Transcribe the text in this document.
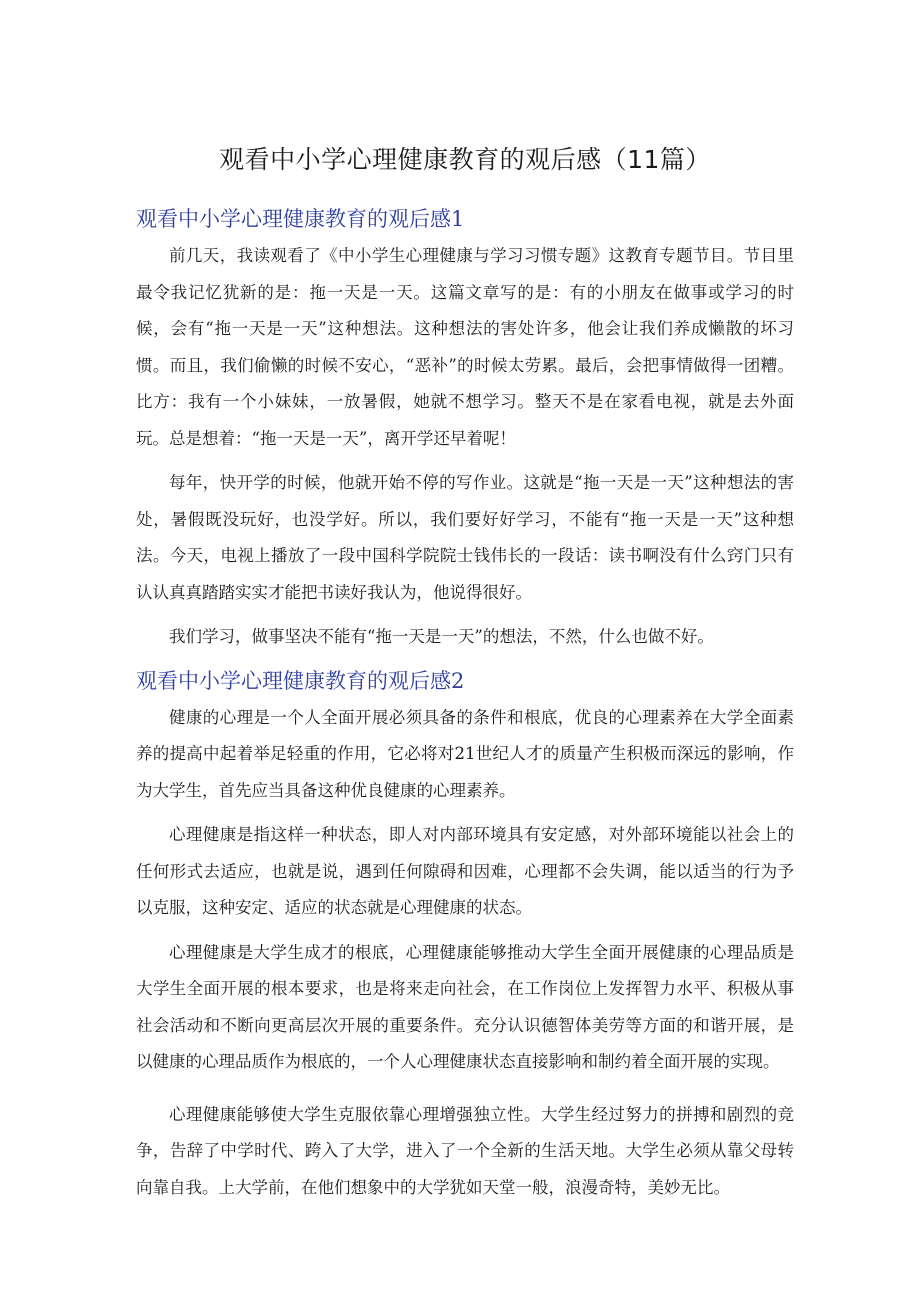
观看中小学心理健康教育的观后感（11篇）
观看中小学心理健康教育的观后感1

前几天，我读观看了《中小学生心理健康与学习习惯专题》这教育专题节目。节目里最令我记忆犹新的是：拖一天是一天。这篇文章写的是：有的小朋友在做事或学习的时候，会有“拖一天是一天”这种想法。这种想法的害处许多，他会让我们养成懒散的坏习惯。而且，我们偷懒的时候不安心，“恶补”的时候太劳累。最后，会把事情做得一团糟。比方：我有一个小妹妹，一放暑假，她就不想学习。整天不是在家看电视，就是去外面玩。总是想着：“拖一天是一天”，离开学还早着呢！

每年，快开学的时候，他就开始不停的写作业。这就是“拖一天是一天”这种想法的害处，暑假既没玩好，也没学好。所以，我们要好好学习，不能有“拖一天是一天”这种想法。今天，电视上播放了一段中国科学院院士钱伟长的一段话：读书啊没有什么窍门只有认认真真踏踏实实才能把书读好我认为，他说得很好。

我们学习，做事坚决不能有“拖一天是一天”的想法，不然，什么也做不好。

观看中小学心理健康教育的观后感2

健康的心理是一个人全面开展必须具备的条件和根底，优良的心理素养在大学全面素养的提高中起着举足轻重的作用，它必将对21世纪人才的质量产生积极而深远的影响，作为大学生，首先应当具备这种优良健康的心理素养。

心理健康是指这样一种状态，即人对内部环境具有安定感，对外部环境能以社会上的任何形式去适应，也就是说，遇到任何隙碍和因难，心理都不会失调，能以适当的行为予以克服，这种安定、适应的状态就是心理健康的状态。

心理健康是大学生成才的根底，心理健康能够推动大学生全面开展健康的心理品质是大学生全面开展的根本要求，也是将来走向社会，在工作岗位上发挥智力水平、积极从事社会活动和不断向更高层次开展的重要条件。充分认识德智体美劳等方面的和谐开展，是以健康的心理品质作为根底的，一个人心理健康状态直接影响和制约着全面开展的实现。

心理健康能够使大学生克服依靠心理增强独立性。大学生经过努力的拼搏和剧烈的竞争，告辞了中学时代、跨入了大学，进入了一个全新的生活天地。大学生必须从靠父母转向靠自我。上大学前，在他们想象中的大学犹如天堂一般，浪漫奇特，美妙无比。
